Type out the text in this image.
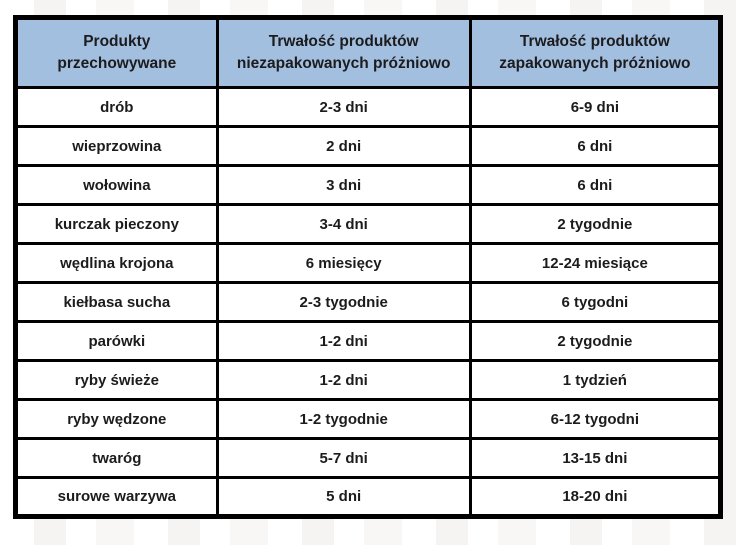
Produkty przechowywane	Trwałość produktów niezapakowanych próżniowo	Trwałość produktów zapakowanych próżniowo
drób	2-3 dni	6-9 dni
wieprzowina	2 dni	6 dni
wołowina	3 dni	6 dni
kurczak pieczony	3-4 dni	2 tygodnie
wędlina krojona	6 miesięcy	12-24 miesiące
kiełbasa sucha	2-3 tygodnie	6 tygodni
parówki	1-2 dni	2 tygodnie
ryby świeże	1-2 dni	1 tydzień
ryby wędzone	1-2 tygodnie	6-12 tygodni
twaróg	5-7 dni	13-15 dni
surowe warzywa	5 dni	18-20 dni
